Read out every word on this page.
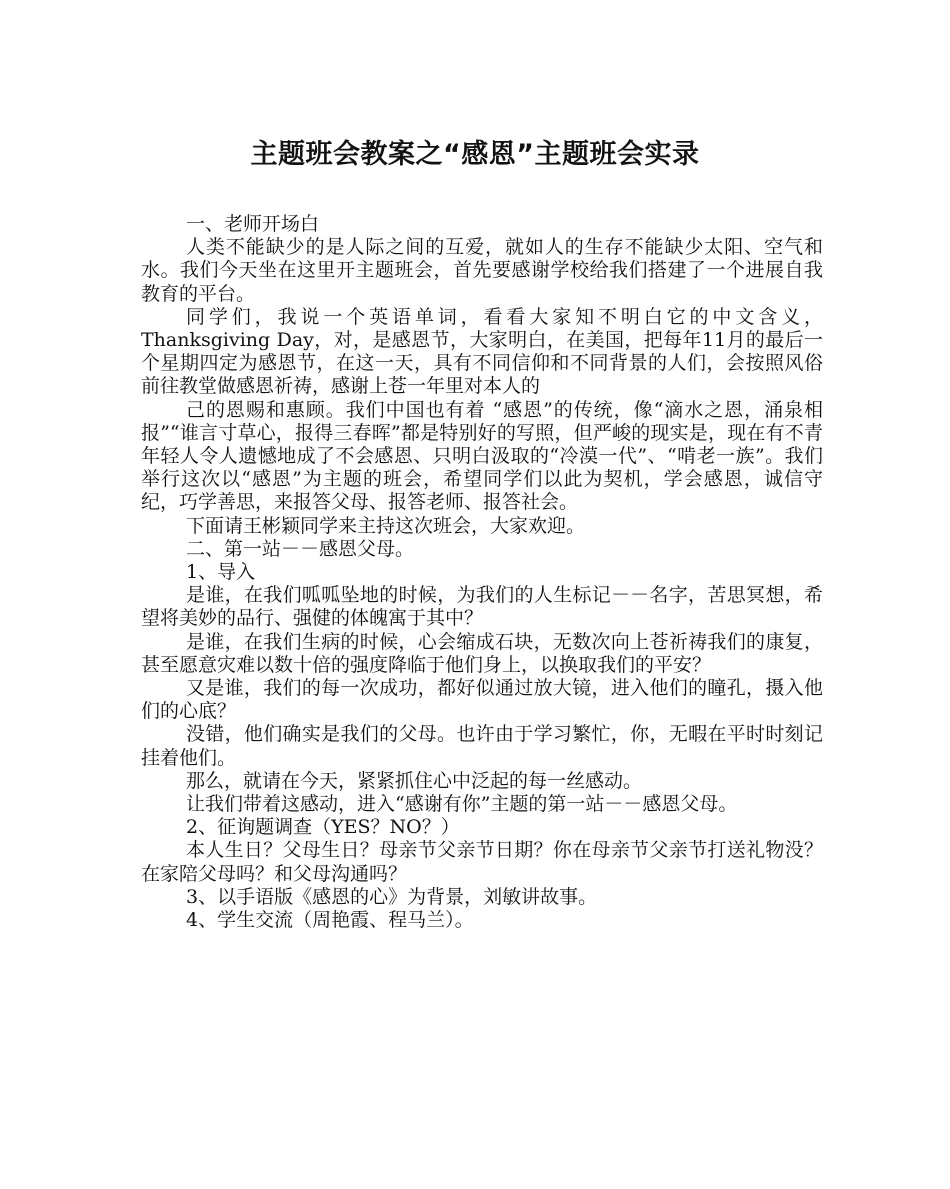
主题班会教案之“感恩”主题班会实录

一、老师开场白

人类不能缺少的是人际之间的互爱，就如人的生存不能缺少太阳、空气和水。我们今天坐在这里开主题班会，首先要感谢学校给我们搭建了一个进展自我教育的平台。

同学们，我说一个英语单词，看看大家知不明白它的中文含义，Thanksgiving Day，对，是感恩节，大家明白，在美国，把每年11月的最后一个星期四定为感恩节，在这一天，具有不同信仰和不同背景的人们，会按照风俗前往教堂做感恩祈祷，感谢上苍一年里对本人的

己的恩赐和惠顾。我们中国也有着 “感恩”的传统，像“滴水之恩，涌泉相报”“谁言寸草心，报得三春晖”都是特别好的写照，但严峻的现实是，现在有不青年轻人令人遗憾地成了不会感恩、只明白汲取的“冷漠一代”、“啃老一族”。我们举行这次以“感恩”为主题的班会，希望同学们以此为契机，学会感恩，诚信守纪，巧学善思，来报答父母、报答老师、报答社会。

下面请王彬颖同学来主持这次班会，大家欢迎。

二、第一站－－感恩父母。

1、导入

是谁，在我们呱呱坠地的时候，为我们的人生标记－－名字，苦思冥想，希望将美妙的品行、强健的体魄寓于其中？

是谁，在我们生病的时候，心会缩成石块，无数次向上苍祈祷我们的康复，甚至愿意灾难以数十倍的强度降临于他们身上，以换取我们的平安？

又是谁，我们的每一次成功，都好似通过放大镜，进入他们的瞳孔，摄入他们的心底？

没错，他们确实是我们的父母。也许由于学习繁忙，你，无暇在平时时刻记挂着他们。

那么，就请在今天，紧紧抓住心中泛起的每一丝感动。

让我们带着这感动，进入“感谢有你”主题的第一站－－感恩父母。

2、征询题调查（YES？NO？）

本人生日？父母生日？母亲节父亲节日期？你在母亲节父亲节打送礼物没？在家陪父母吗？和父母沟通吗？

3、以手语版《感恩的心》为背景，刘敏讲故事。

4、学生交流（周艳霞、程马兰）。
